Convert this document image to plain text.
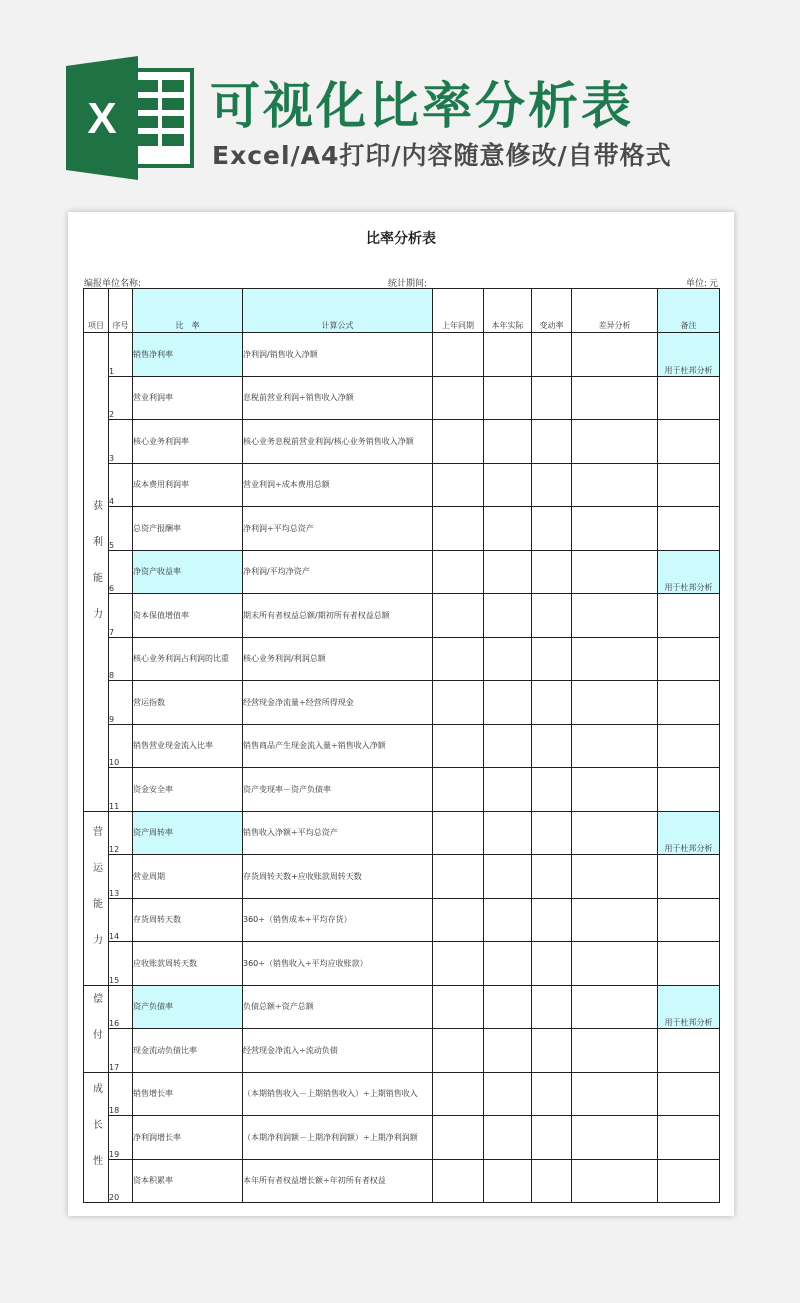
X 可视化比率分析表
Excel/A4打印/内容随意修改/自带格式
比率分析表
编报单位名称:	统计期间:	单位: 元
项目	序号	比　率	计算公式	上年同期	本年实际	变动率	差异分析	备注
获利能力	1	销售净利率	净利润/销售收入净额					用于杜邦分析
	2	营业利润率	息税前营业利润÷销售收入净额					
	3	核心业务利润率	核心业务息税前营业利润/核心业务销售收入净额					
	4	成本费用利润率	营业利润÷成本费用总额					
	5	总资产报酬率	净利润÷平均总资产					
	6	净资产收益率	净利润/平均净资产					用于杜邦分析
	7	资本保值增值率	期末所有者权益总额/期初所有者权益总额					
	8	核心业务利润占利润的比重	核心业务利润/利润总额					
	9	营运指数	经营现金净流量÷经营所得现金					
	10	销售营业现金流入比率	销售商品产生现金流入量÷销售收入净额					
	11	资金安全率	资产变现率－资产负债率					
营运能力	12	资产周转率	销售收入净额÷平均总资产					用于杜邦分析
	13	营业周期	存货周转天数+应收账款周转天数					
	14	存货周转天数	360÷（销售成本÷平均存货）					
	15	应收账款周转天数	360÷（销售收入÷平均应收账款）					
偿付	16	资产负债率	负债总额÷资产总额					用于杜邦分析
	17	现金流动负债比率	经营现金净流入÷流动负债					
成长性	18	销售增长率	（本期销售收入－上期销售收入）÷上期销售收入					
	19	净利润增长率	（本期净利润额－上期净利润额）÷上期净利润额					
	20	资本积累率	本年所有者权益增长额÷年初所有者权益					
